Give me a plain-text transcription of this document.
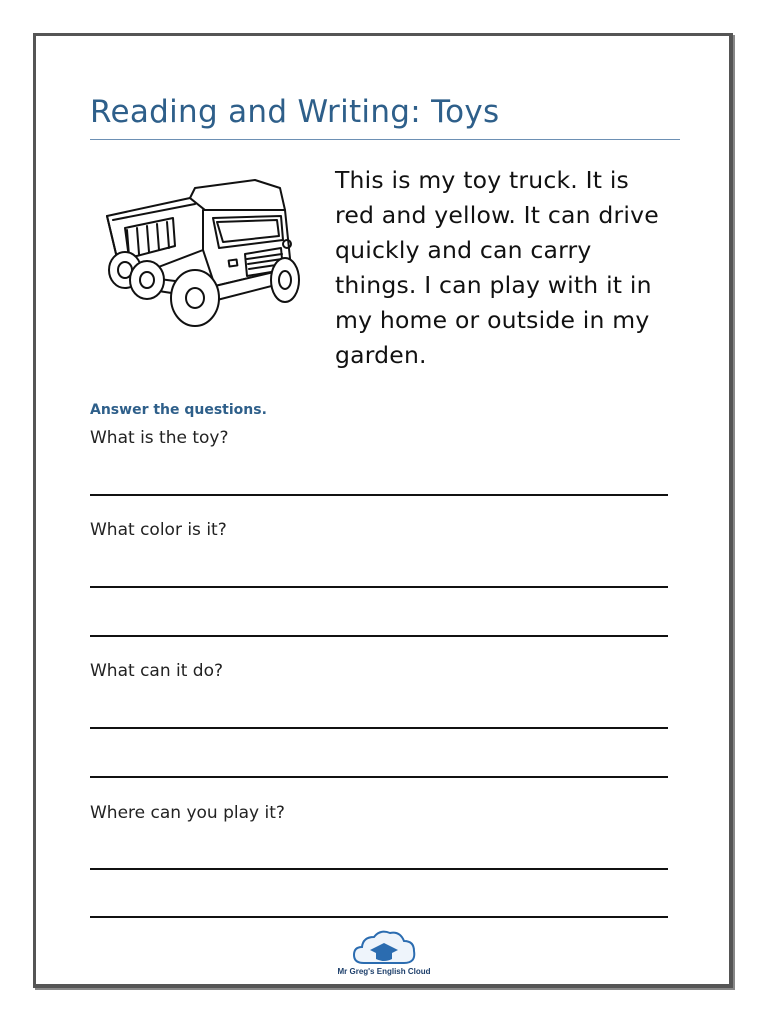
Reading and Writing: Toys

This is my toy truck. It is red and yellow. It can drive quickly and can carry things. I can play with it in my home or outside in my garden.

Answer the questions.

What is the toy?

What color is it?

What can it do?

Where can you play it?

Mr Greg's English Cloud
